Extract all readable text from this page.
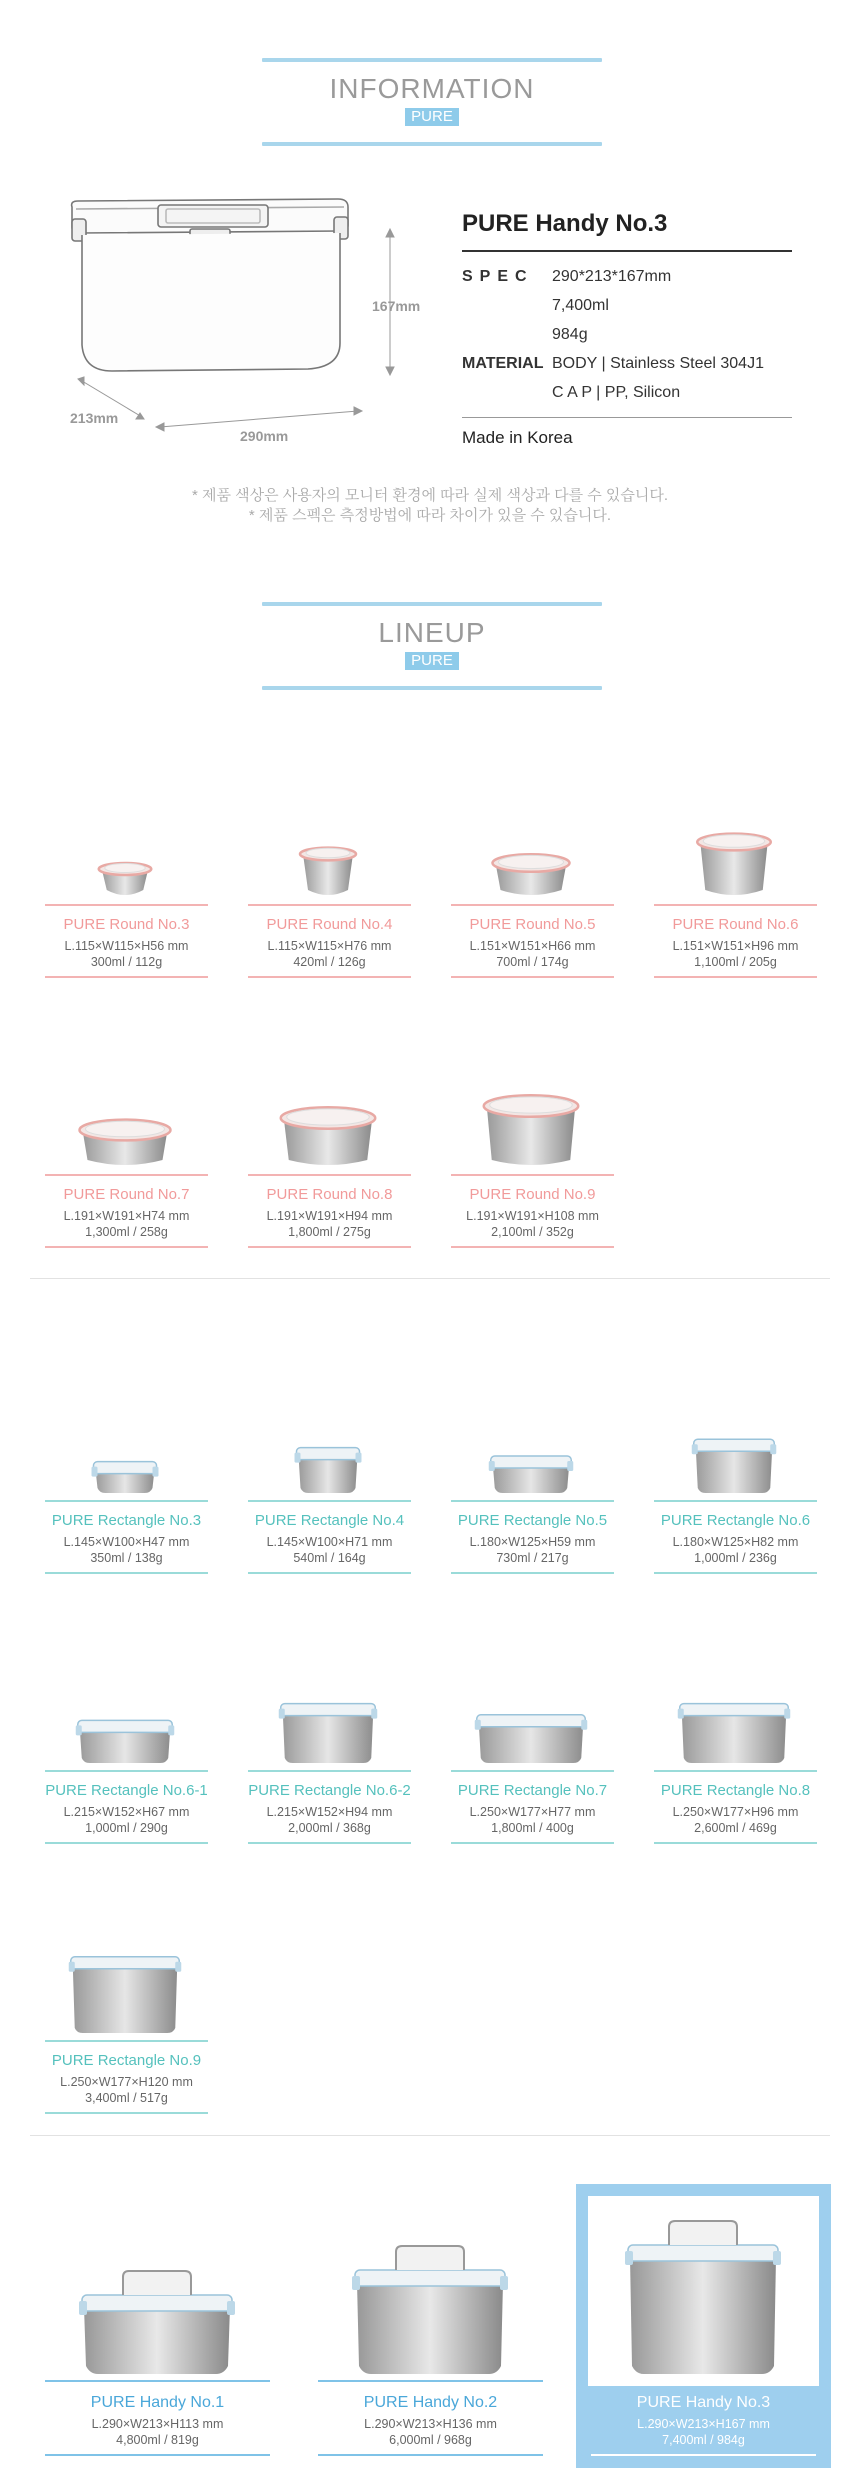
INFORMATION
PURE
167mm
213mm
290mm
PURE Handy No.3
SPEC	290*213*167mm
	7,400ml
	984g
MATERIAL	BODY | Stainless Steel 304J1
	C A P | PP, Silicon
Made in Korea
* 제품 색상은 사용자의 모니터 환경에 따라 실제 색상과 다를 수 있습니다.
* 제품 스펙은 측정방법에 따라 차이가 있을 수 있습니다.
LINEUP
PURE
PURE Round No.3
L.115×W115×H56 mm
300ml / 112g
PURE Round No.4
L.115×W115×H76 mm
420ml / 126g
PURE Round No.5
L.151×W151×H66 mm
700ml / 174g
PURE Round No.6
L.151×W151×H96 mm
1,100ml / 205g
PURE Round No.7
L.191×W191×H74 mm
1,300ml / 258g
PURE Round No.8
L.191×W191×H94 mm
1,800ml / 275g
PURE Round No.9
L.191×W191×H108 mm
2,100ml / 352g
PURE Rectangle No.3
L.145×W100×H47 mm
350ml / 138g
PURE Rectangle No.4
L.145×W100×H71 mm
540ml / 164g
PURE Rectangle No.5
L.180×W125×H59 mm
730ml / 217g
PURE Rectangle No.6
L.180×W125×H82 mm
1,000ml / 236g
PURE Rectangle No.6-1
L.215×W152×H67 mm
1,000ml / 290g
PURE Rectangle No.6-2
L.215×W152×H94 mm
2,000ml / 368g
PURE Rectangle No.7
L.250×W177×H77 mm
1,800ml / 400g
PURE Rectangle No.8
L.250×W177×H96 mm
2,600ml / 469g
PURE Rectangle No.9
L.250×W177×H120 mm
3,400ml / 517g
PURE Handy No.1
L.290×W213×H113 mm
4,800ml / 819g
PURE Handy No.2
L.290×W213×H136 mm
6,000ml / 968g
PURE Handy No.3
L.290×W213×H167 mm
7,400ml / 984g
